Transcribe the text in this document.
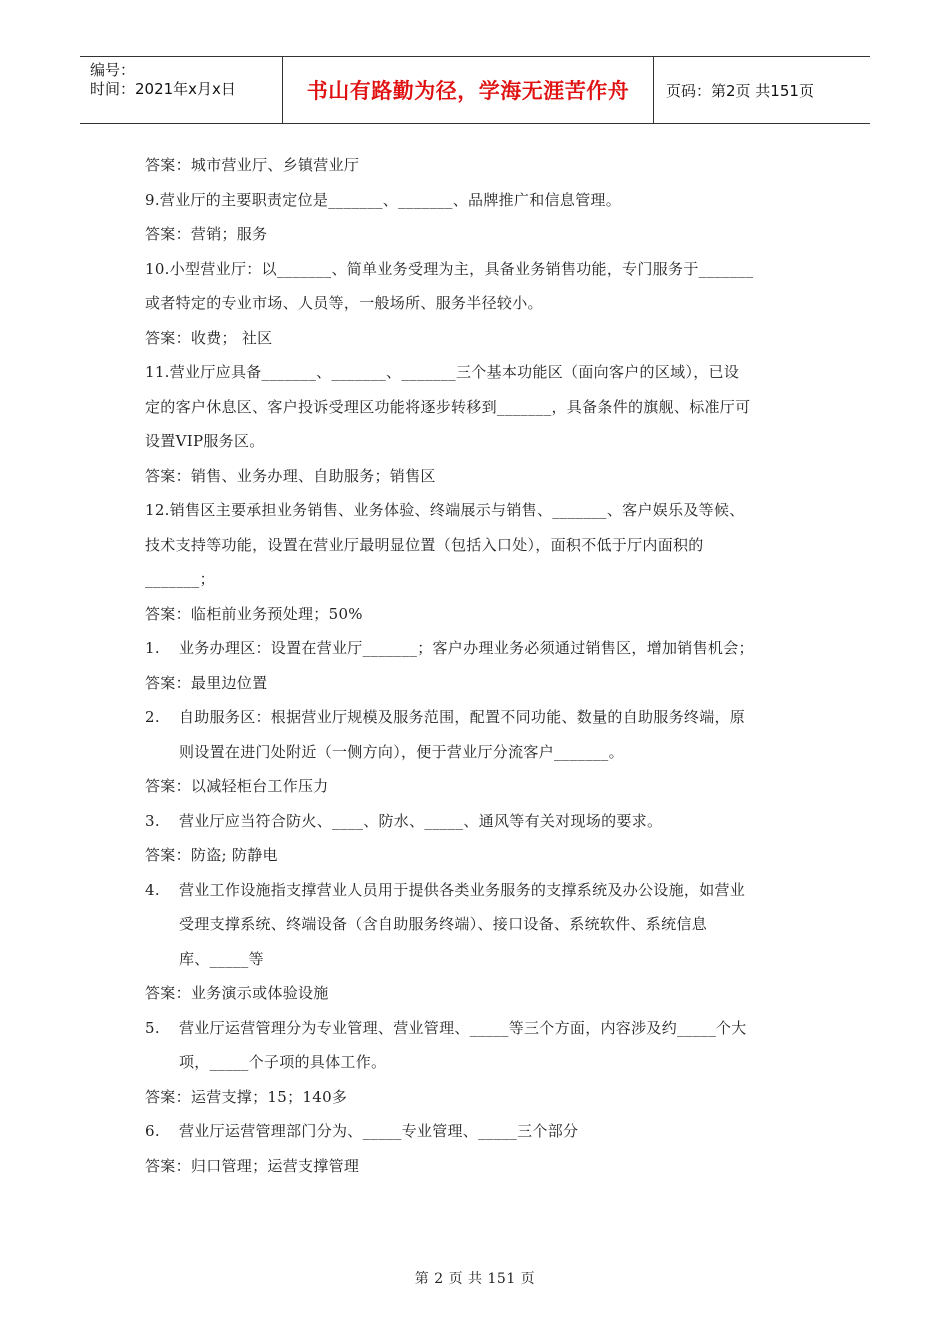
编号：
时间：2021年x月x日	书山有路勤为径，学海无涯苦作舟	页码：第2页 共151页
答案：城市营业厅、乡镇营业厅
9.营业厅的主要职责定位是_______、_______、品牌推广和信息管理。
答案：营销；服务
10.小型营业厅：以_______、简单业务受理为主，具备业务销售功能，专门服务于_______
或者特定的专业市场、人员等，一般场所、服务半径较小。
答案：收费； 社区
11.营业厅应具备_______、_______、_______三个基本功能区（面向客户的区域），已设
定的客户休息区、客户投诉受理区功能将逐步转移到_______，具备条件的旗舰、标准厅可
设置VIP服务区。
答案：销售、业务办理、自助服务；销售区
12.销售区主要承担业务销售、业务体验、终端展示与销售、_______、客户娱乐及等候、
技术支持等功能，设置在营业厅最明显位置（包括入口处），面积不低于厅内面积的
_______；
答案：临柜前业务预处理；50%
1. 业务办理区：设置在营业厅_______；客户办理业务必须通过销售区，增加销售机会；
答案：最里边位置
2. 自助服务区：根据营业厅规模及服务范围，配置不同功能、数量的自助服务终端，原
则设置在进门处附近（一侧方向），便于营业厅分流客户_______。
答案：以减轻柜台工作压力
3. 营业厅应当符合防火、____、防水、_____、通风等有关对现场的要求。
答案：防盗; 防静电
4. 营业工作设施指支撑营业人员用于提供各类业务服务的支撑系统及办公设施，如营业
受理支撑系统、终端设备（含自助服务终端）、接口设备、系统软件、系统信息
库、_____等
答案：业务演示或体验设施
5. 营业厅运营管理分为专业管理、营业管理、_____等三个方面，内容涉及约_____个大
项，_____个子项的具体工作。
答案：运营支撑；15；140多
6. 营业厅运营管理部门分为、_____专业管理、_____三个部分
答案：归口管理；运营支撑管理
第 2 页 共 151 页
